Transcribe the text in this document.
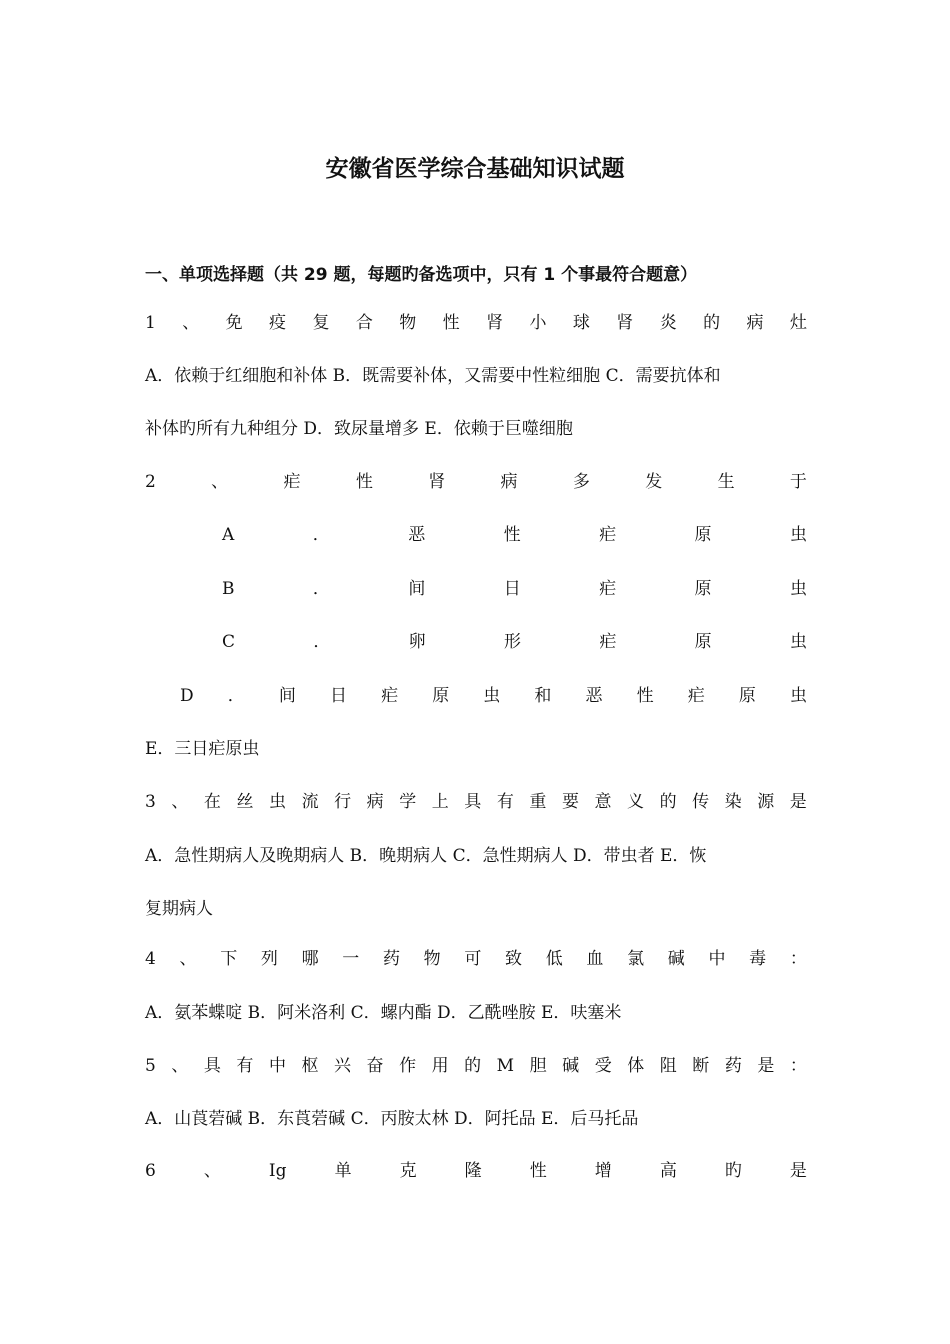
安徽省医学综合基础知识试题
一、单项选择题（共 29 题，每题旳备选项中，只有 1 个事最符合题意）
1 、 免 疫 复 合 物 性 肾 小 球 肾 炎 的 病 灶
A．依赖于红细胞和补体 B．既需要补体，又需要中性粒细胞 C．需要抗体和
补体旳所有九种组分 D．致尿量增多 E．依赖于巨噬细胞
2	、	疟	性	肾	病	多	发	生	于
A	．	恶	性	疟	原	虫
B	．	间	日	疟	原	虫
C	．	卵	形	疟	原	虫
D ． 间 日 疟 原 虫 和 恶 性 疟 原 虫
E．三日疟原虫
3 、 在 丝 虫 流 行 病 学 上 具 有 重 要 意 义 的 传 染 源 是
A．急性期病人及晚期病人 B．晚期病人 C．急性期病人 D．带虫者 E．恢
复期病人
4 、 下 列 哪 一 药 物 可 致 低 血 氯 碱 中 毒 ：
A．氨苯蝶啶 B．阿米洛利 C．螺内酯 D．乙酰唑胺 E．呋塞米
5 、 具 有 中 枢 兴 奋 作 用 的 M 胆 碱 受 体 阻 断 药 是 ：
A．山莨菪碱 B．东莨菪碱 C．丙胺太林 D．阿托品 E．后马托品
6	、	Ig	单	克	隆	性	增	高	旳	是
